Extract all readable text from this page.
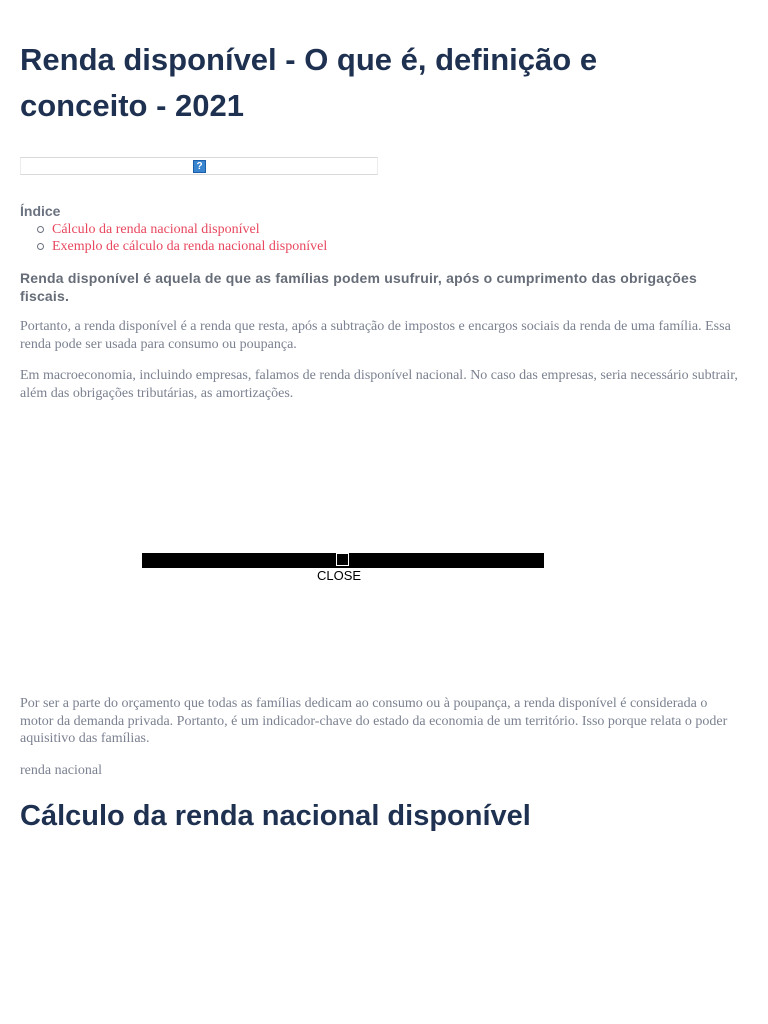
Renda disponível - O que é, definição e conceito - 2021
?
Índice
Cálculo da renda nacional disponível
Exemplo de cálculo da renda nacional disponível

Renda disponível é aquela de que as famílias podem usufruir, após o cumprimento das obrigações fiscais.

Portanto, a renda disponível é a renda que resta, após a subtração de impostos e encargos sociais da renda de uma família. Essa renda pode ser usada para consumo ou poupança.

Em macroeconomia, incluindo empresas, falamos de renda disponível nacional. No caso das empresas, seria necessário subtrair, além das obrigações tributárias, as amortizações.

CLOSE

Por ser a parte do orçamento que todas as famílias dedicam ao consumo ou à poupança, a renda disponível é considerada o motor da demanda privada. Portanto, é um indicador-chave do estado da economia de um território. Isso porque relata o poder aquisitivo das famílias.

renda nacional

Cálculo da renda nacional disponível
